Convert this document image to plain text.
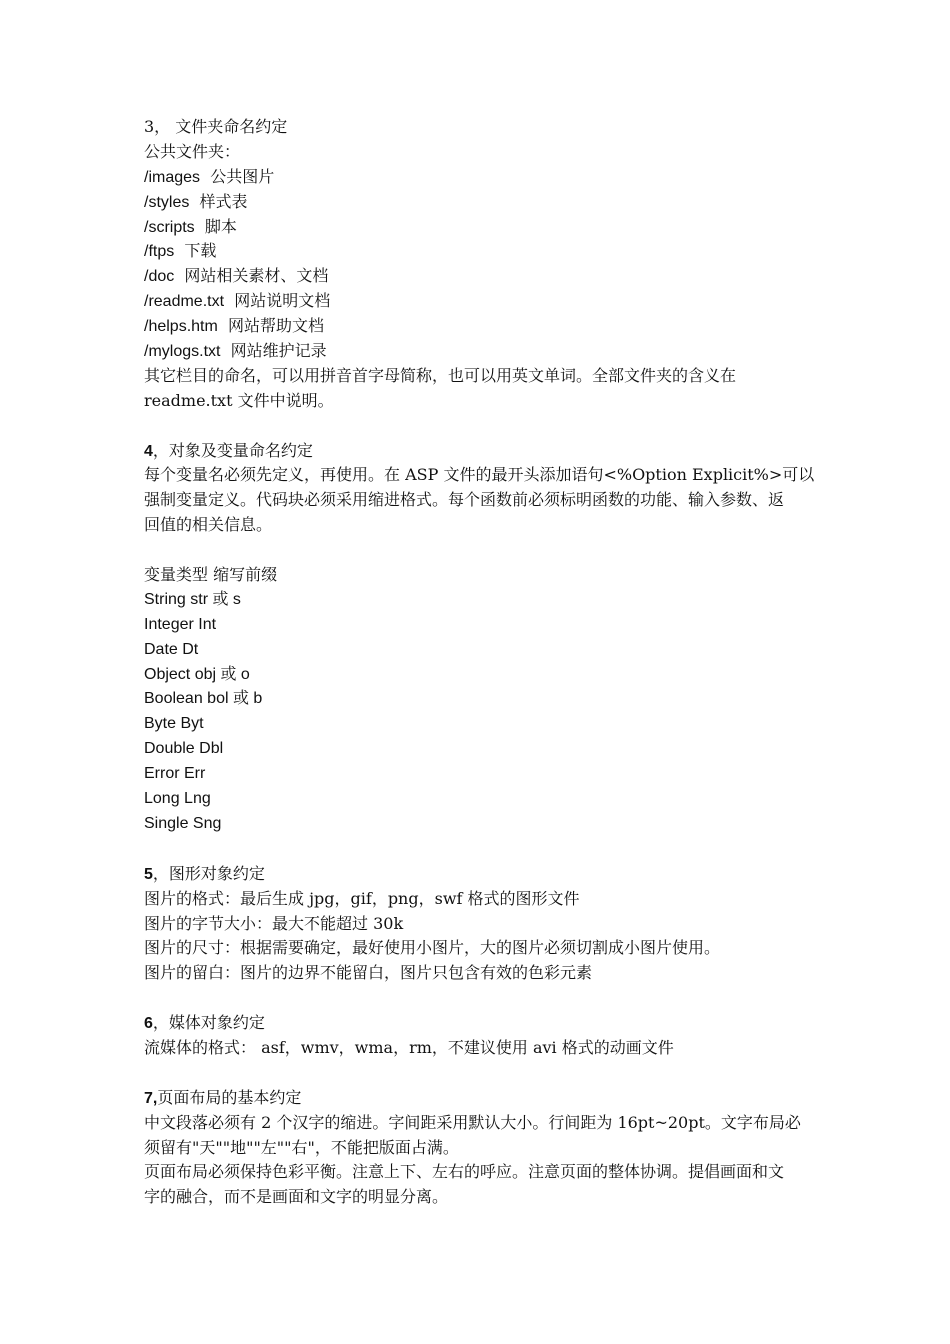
3， 文件夹命名约定
公共文件夹：
/images 公共图片
/styles 样式表
/scripts 脚本
/ftps 下载
/doc 网站相关素材、文档
/readme.txt 网站说明文档
/helps.htm 网站帮助文档
/mylogs.txt 网站维护记录
其它栏目的命名，可以用拼音首字母简称，也可以用英文单词。全部文件夹的含义在
readme.txt 文件中说明。
4，对象及变量命名约定
每个变量名必须先定义，再使用。在 ASP 文件的最开头添加语句<%Option Explicit%>可以
强制变量定义。代码块必须采用缩进格式。每个函数前必须标明函数的功能、输入参数、返
回值的相关信息。
变量类型 缩写前缀
String str 或 s
Integer Int
Date Dt
Object obj 或 o
Boolean bol 或 b
Byte Byt
Double Dbl
Error Err
Long Lng
Single Sng
5，图形对象约定
图片的格式：最后生成 jpg，gif，png，swf 格式的图形文件
图片的字节大小：最大不能超过 30k
图片的尺寸：根据需要确定，最好使用小图片，大的图片必须切割成小图片使用。
图片的留白：图片的边界不能留白，图片只包含有效的色彩元素
6，媒体对象约定
流媒体的格式： asf，wmv，wma，rm，不建议使用 avi 格式的动画文件
7,页面布局的基本约定
中文段落必须有 2 个汉字的缩进。字间距采用默认大小。行间距为 16pt~20pt。文字布局必
须留有"天""地""左""右"，不能把版面占满。
页面布局必须保持色彩平衡。注意上下、左右的呼应。注意页面的整体协调。提倡画面和文
字的融合，而不是画面和文字的明显分离。
